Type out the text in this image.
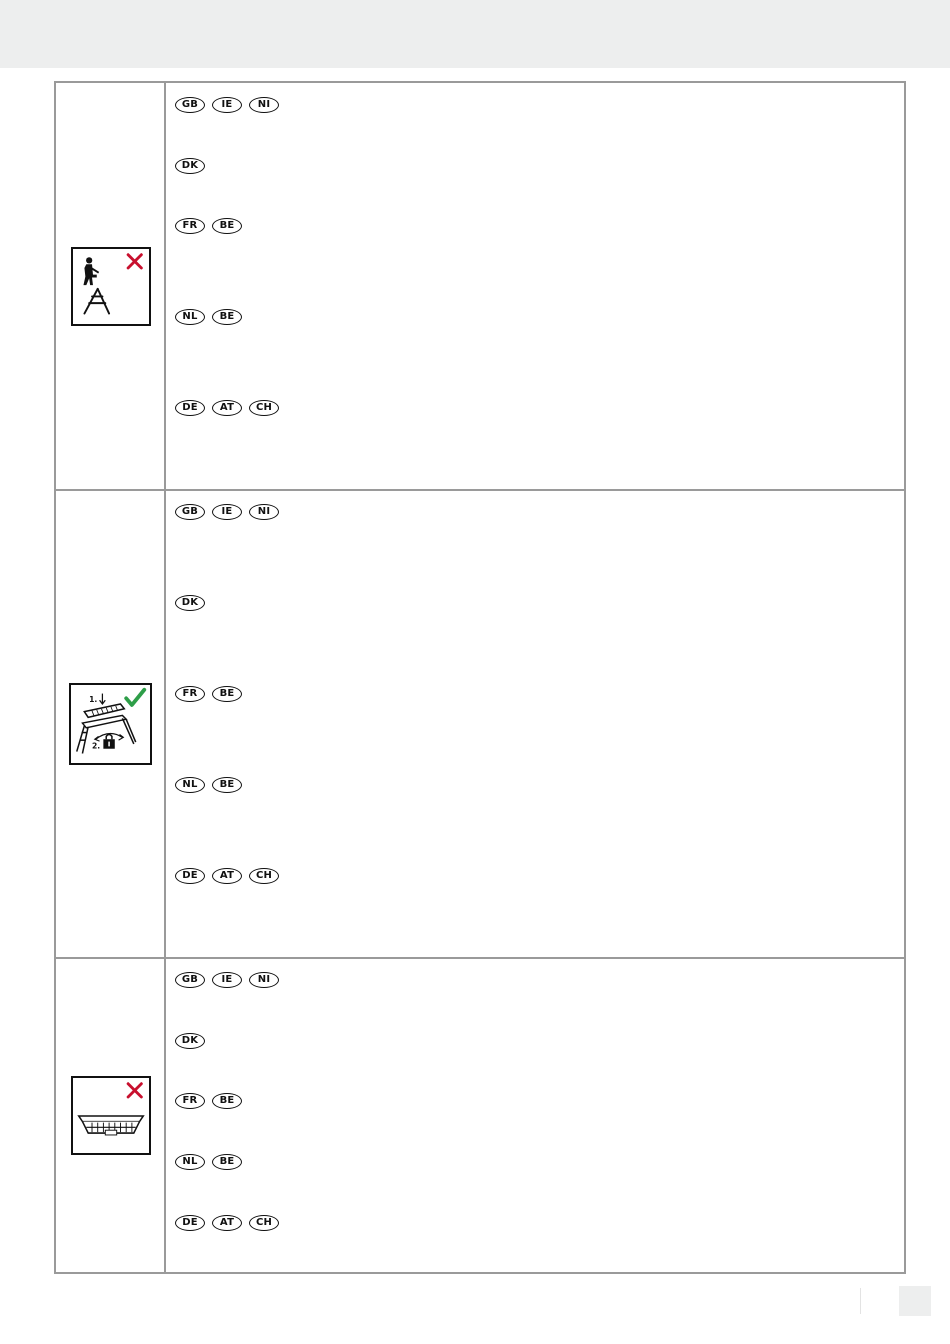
GB	IE	NI
DK
FR	BE
NL	BE
DE	AT	CH
1.
2.
GB	IE	NI
DK
FR	BE
NL	BE
DE	AT	CH
GB	IE	NI
DK
FR	BE
NL	BE
DE	AT	CH
